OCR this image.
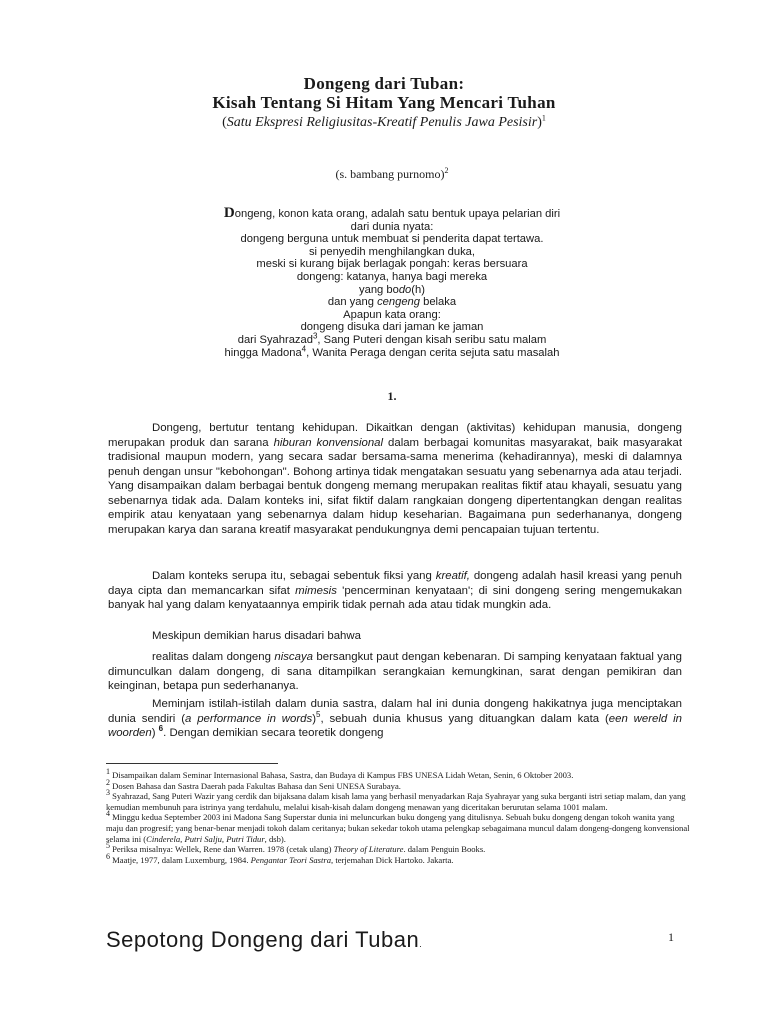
Dongeng dari Tuban:
Kisah Tentang Si Hitam Yang Mencari Tuhan
(Satu Ekspresi Religiusitas-Kreatif Penulis Jawa Pesisir)$^1$
(s. bambang purnomo)$^2$
Dongeng, konon kata orang, adalah satu bentuk upaya pelarian diri
dari dunia nyata:
dongeng berguna untuk membuat si penderita dapat tertawa.
si penyedih menghilangkan duka,
meski si kurang bijak berlagak pongah: keras bersuara
dongeng: katanya, hanya bagi mereka
yang bodo(h)
dan yang cengeng belaka
Apapun kata orang:
dongeng disuka dari jaman ke jaman
dari Syahrazad$^3$, Sang Puteri dengan kisah seribu satu malam
hingga Madona$^4$, Wanita Peraga dengan cerita sejuta satu masalah
1.

Dongeng, bertutur tentang kehidupan. Dikaitkan dengan (aktivitas) kehidupan manusia, dongeng merupakan produk dan sarana hiburan konvensional dalam berbagai komunitas masyarakat, baik masyarakat tradisional maupun modern, yang secara sadar bersama-sama menerima (kehadirannya), meski di dalamnya penuh dengan unsur "kebohongan". Bohong artinya tidak mengatakan sesuatu yang sebenarnya ada atau terjadi. Yang disampaikan dalam berbagai bentuk dongeng memang merupakan realitas fiktif atau khayali, sesuatu yang sebenarnya tidak ada. Dalam konteks ini, sifat fiktif dalam rangkaian dongeng dipertentangkan dengan realitas empirik atau kenyataan yang sebenarnya dalam hidup keseharian. Bagaimana pun sederhananya, dongeng merupakan karya dan sarana kreatif masyarakat pendukungnya demi pencapaian tujuan tertentu.

Dalam konteks serupa itu, sebagai sebentuk fiksi yang kreatif, dongeng adalah hasil kreasi yang penuh daya cipta dan memancarkan sifat mimesis 'pencerminan kenyataan'; di sini dongeng sering mengemukakan banyak hal yang dalam kenyataannya empirik tidak pernah ada atau tidak mungkin ada.

Meskipun demikian harus disadari bahwa

realitas dalam dongeng niscaya bersangkut paut dengan kebenaran. Di samping kenyataan faktual yang dimunculkan dalam dongeng, di sana ditampilkan serangkaian kemungkinan, sarat dengan pemikiran dan keinginan, betapa pun sederhananya.

Meminjam istilah-istilah dalam dunia sastra, dalam hal ini dunia dongeng hakikatnya juga menciptakan dunia sendiri (a performance in words)$^5$, sebuah dunia khusus yang dituangkan dalam kata (een wereld in woorden) $^6$. Dengan demikian secara teoretik dongeng

$^1$ Disampaikan dalam Seminar Internasional Bahasa, Sastra, dan Budaya di Kampus FBS UNESA Lidah Wetan, Senin, 6 Oktober 2003.

$^2$ Dosen Bahasa dan Sastra Daerah pada Fakultas Bahasa dan Seni UNESA Surabaya.

$^3$ Syahrazad, Sang Puteri Wazir yang cerdik dan bijaksana dalam kisah lama yang berhasil menyadarkan Raja Syahrayar yang suka berganti istri setiap malam, dan yang kemudian membunuh para istrinya yang terdahulu, melalui kisah-kisah dalam dongeng menawan yang diceritakan berurutan selama 1001 malam.

$^4$ Minggu kedua September 2003 ini Madona Sang Superstar dunia ini meluncurkan buku dongeng yang ditulisnya. Sebuah buku dongeng dengan tokoh wanita yang maju dan progresif; yang benar-benar menjadi tokoh dalam ceritanya; bukan sekedar tokoh utama pelengkap sebagaimana muncul dalam dongeng-dongeng konvensional selama ini (Cinderela, Putri Salju, Putri Tidur, dsb).

$^5$ Periksa misalnya: Wellek, Rene dan Warren. 1978 (cetak ulang) Theory of Literature. dalam Penguin Books.

$^6$ Maatje, 1977, dalam Luxemburg, 1984. Pengantar Teori Sastra, terjemahan Dick Hartoko. Jakarta.

Sepotong Dongeng dari Tuban.	1
